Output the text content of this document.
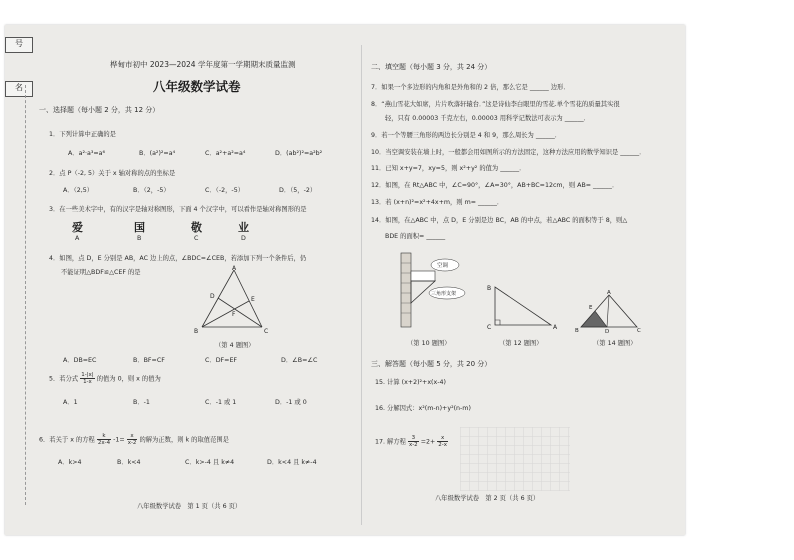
号
名
桦甸市初中 2023—2024 学年度第一学期期末质量监测
八年级数学试卷
一、选择题（每小题 2 分，共 12 分）
1．下列计算中正确的是
A．a²·a³=a⁶	B．(a²)²=a⁴	C．a²+a²=a⁴	D．(ab²)²=a²b²
2．点 P（-2, 5）关于 x 轴对称的点的坐标是
A．（2,5）	B．（2，-5）	C．（-2，-5）	D．（5，-2）
3．在一些美术字中，有的汉字是轴对称图形，下面 4 个汉字中，可以看作是轴对称图形的是
爱	国	敬	业
A	B	C	D
4．如图，点 D，E 分别是 AB，AC 边上的点，∠BDC=∠CEB，若添加下列一个条件后，仍
不能证明△BDF≌△CEF 的是
A
D	E
F
B	C
（第 4 题图）
A．DB=EC	B．BF=CF	C．DF=EF	D．∠B=∠C
5．若分式 $\frac{1-|x|}{1-x}$ 的值为 0，则 x 的值为
A．1	B．-1	C．-1 或 1	D．-1 或 0
6．若关于 x 的方程 $\frac{k}{2x-4} -1= \frac{x}{x-2}$ 的解为正数，则 k 的取值范围是
A．k>4	B．k<4	C．k>-4 且 k≠4	D．k<4 且 k≠-4
八年级数学试卷　第 1 页（共 6 页）
二、填空题（每小题 3 分，共 24 分）
7．如果一个多边形的内角和是外角和的 2 倍，那么它是 ______ 边形．
8．“燕山雪花大如席，片片吹落轩辕台．”这是诗仙李白眼里的雪花.单个雪花的质量其实很
轻，只有 0.00003 千克左右，0.00003 用科学记数法可表示为 ______．
9．若一个等腰三角形的两边长分别是 4 和 9，那么周长为 ______．
10．当空调安装在墙上时，一般都会用如图所示的方法固定，这种方法应用的数学知识是 ______．
11．已知 x+y=7，xy=5，则 x²+y² 的值为 ______．
12．如图，在 Rt△ABC 中，∠C=90°，∠A=30°，AB+BC=12cm，则 AB= ______．
13．若 (x+n)²=x²+4x+m，则 m= ______．
14．如图，在△ABC 中，点 D，E 分别是边 BC，AB 的中点，若△ABC 的面积等于 8，则△
BDE 的面积= ______
空调
三角形支架
B
C	A
A
E
B	D	C
（第 10 题图）	（第 12 题图）	（第 14 题图）
三、解答题（每小题 5 分，共 20 分）
15. 计算 (x+2)²+x(x-4)
16. 分解因式：x²(m-n)+y²(n-m)
17. 解方程 $\frac{3}{x-2} =2+ \frac{x}{2-x}$
八年级数学试卷　第 2 页（共 6 页）
